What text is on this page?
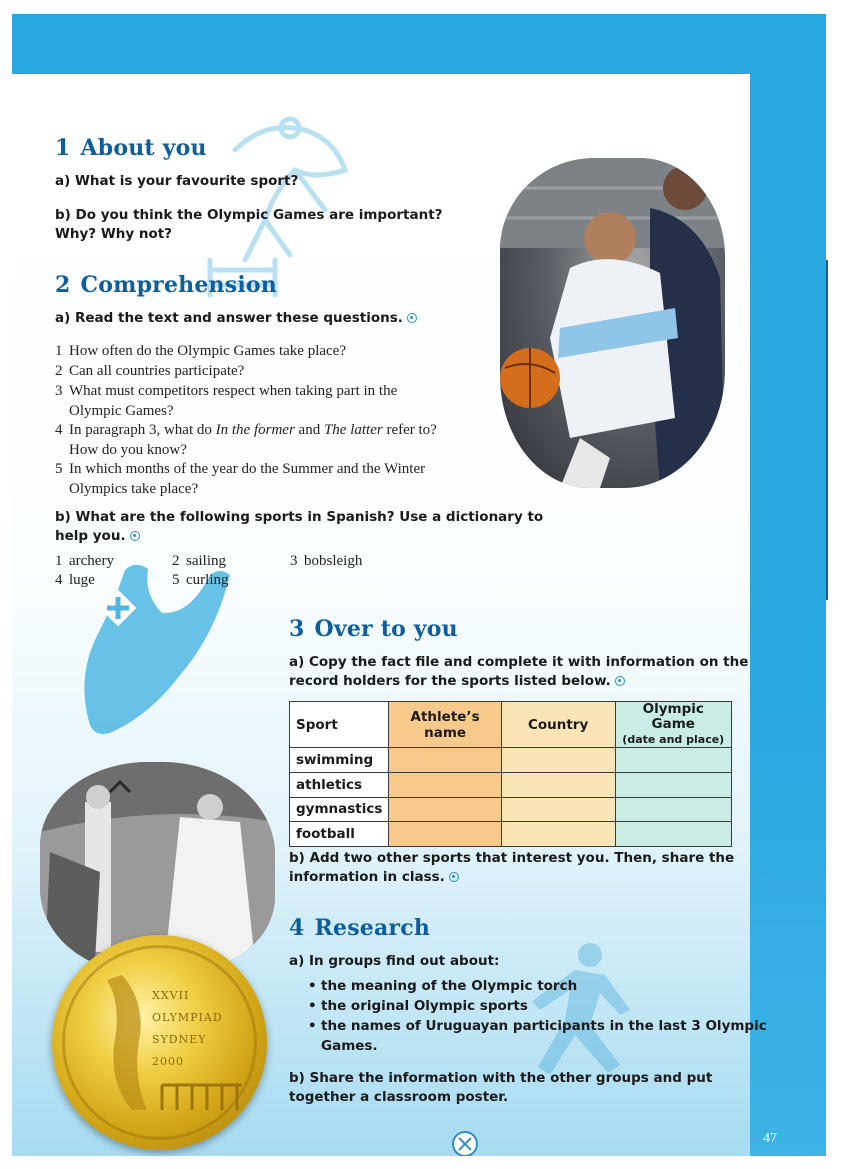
XXVII
OLYMPIAD
SYDNEY
2000
1 About you
a) What is your favourite sport?
b) Do you think the Olympic Games are important?
Why? Why not?
2 Comprehension
a) Read the text and answer these questions.
1 How often do the Olympic Games take place?
2 Can all countries participate?
3 What must competitors respect when taking part in the
Olympic Games?
4 In paragraph 3, what do In the former and The latter refer to?
How do you know?
5 In which months of the year do the Summer and the Winter
Olympics take place?
b) What are the following sports in Spanish? Use a dictionary to
help you.
1 archery	2 sailing	3 bobsleigh
4 luge	5 curling
3 Over to you
a) Copy the fact file and complete it with information on the
record holders for the sports listed below.
Sport	Athlete’s name	Country	Olympic Game
(date and place)

swimming			
athletics			
gymnastics			
football			
b) Add two other sports that interest you. Then, share the
information in class.
4 Research
a) In groups find out about:
• the meaning of the Olympic torch
• the original Olympic sports
• the names of Uruguayan participants in the last 3 Olympic
Games.
b) Share the information with the other groups and put
together a classroom poster.
47
